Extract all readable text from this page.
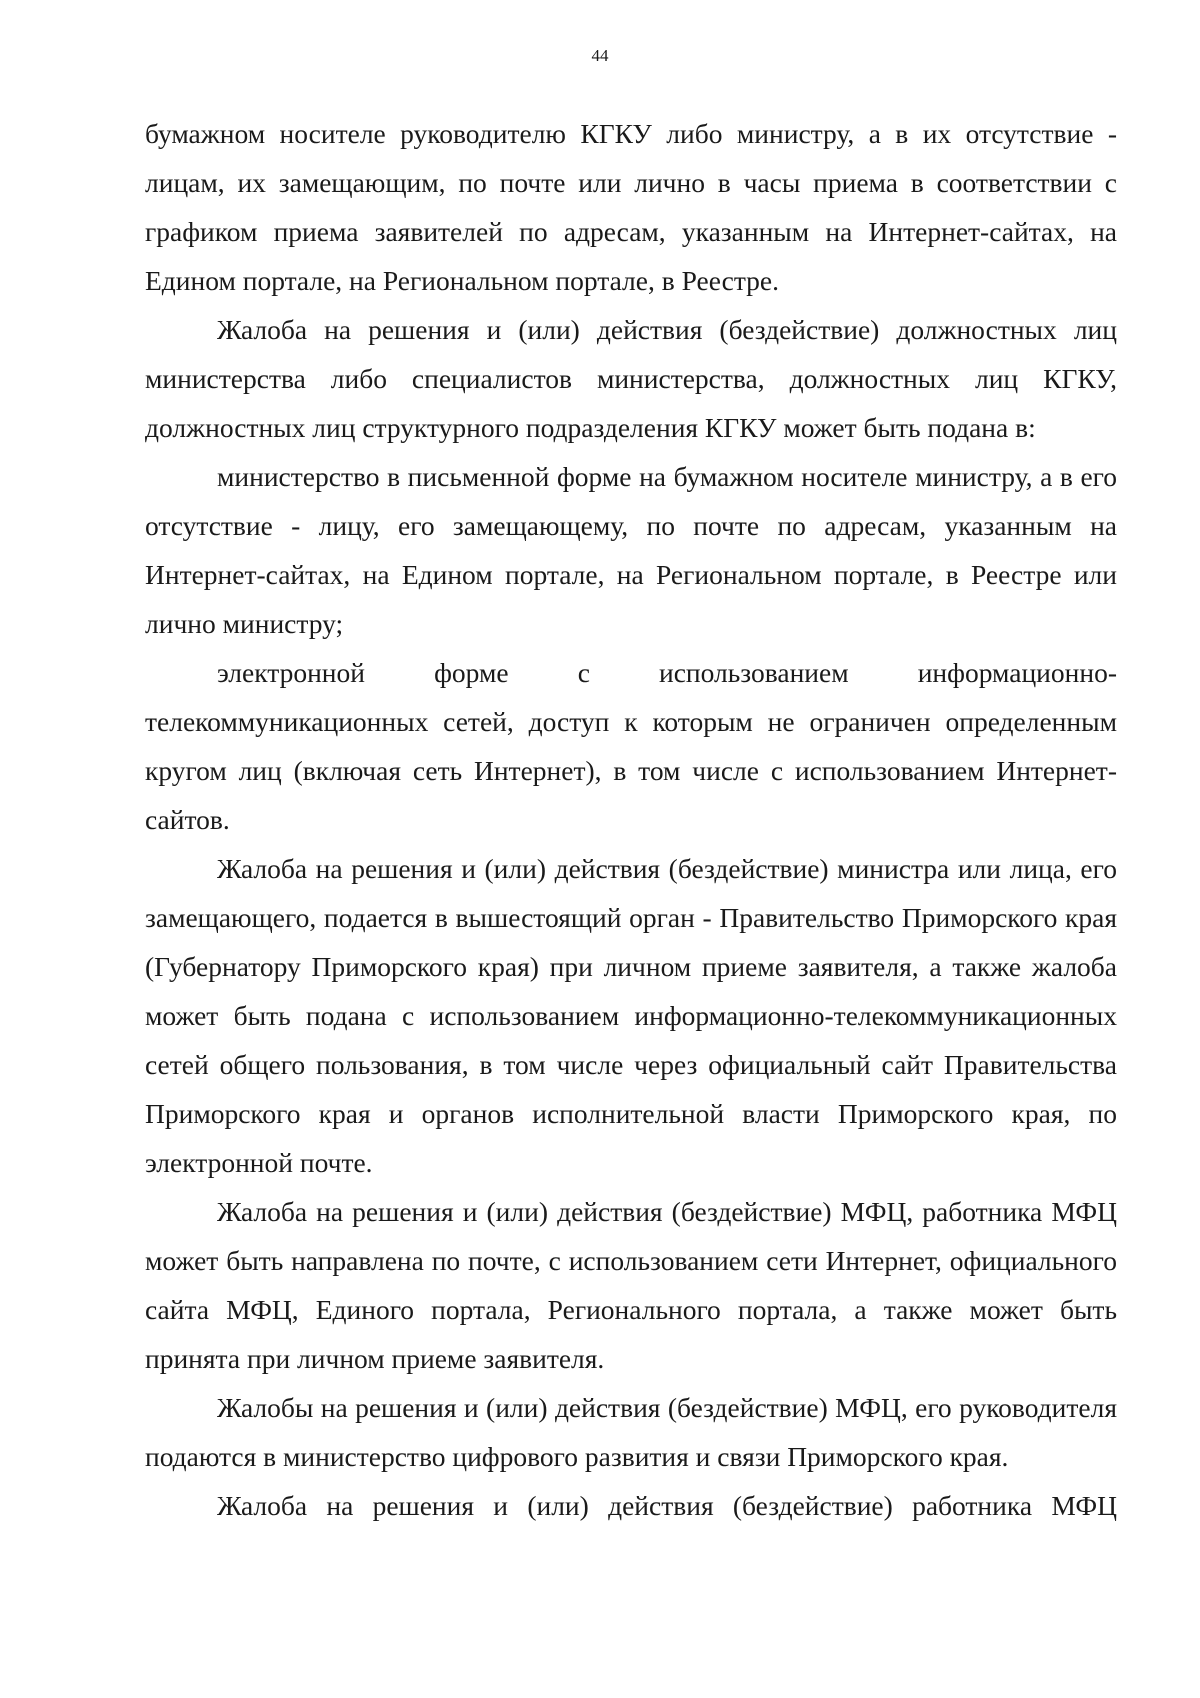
44

бумажном носителе руководителю КГКУ либо министру, а в их отсутствие - лицам, их замещающим, по почте или лично в часы приема в соответствии с графиком приема заявителей по адресам, указанным на Интернет-сайтах, на Едином портале, на Региональном портале, в Реестре.

Жалоба на решения и (или) действия (бездействие) должностных лиц министерства либо специалистов министерства, должностных лиц КГКУ, должностных лиц структурного подразделения КГКУ может быть подана в:

министерство в письменной форме на бумажном носителе министру, а в его отсутствие - лицу, его замещающему, по почте по адресам, указанным на Интернет-сайтах, на Едином портале, на Региональном портале, в Реестре или лично министру;

электронной форме с использованием информационно-телекоммуникационных сетей, доступ к которым не ограничен определенным кругом лиц (включая сеть Интернет), в том числе с использованием Интернет-сайтов.

Жалоба на решения и (или) действия (бездействие) министра или лица, его замещающего, подается в вышестоящий орган - Правительство Приморского края (Губернатору Приморского края) при личном приеме заявителя, а также жалоба может быть подана с использованием информационно-телекоммуникационных сетей общего пользования, в том числе через официальный сайт Правительства Приморского края и органов исполнительной власти Приморского края, по электронной почте.

Жалоба на решения и (или) действия (бездействие) МФЦ, работника МФЦ может быть направлена по почте, с использованием сети Интернет, официального сайта МФЦ, Единого портала, Регионального портала, а также может быть принята при личном приеме заявителя.

Жалобы на решения и (или) действия (бездействие) МФЦ, его руководителя подаются в министерство цифрового развития и связи Приморского края.

Жалоба на решения и (или) действия (бездействие) работника МФЦ
